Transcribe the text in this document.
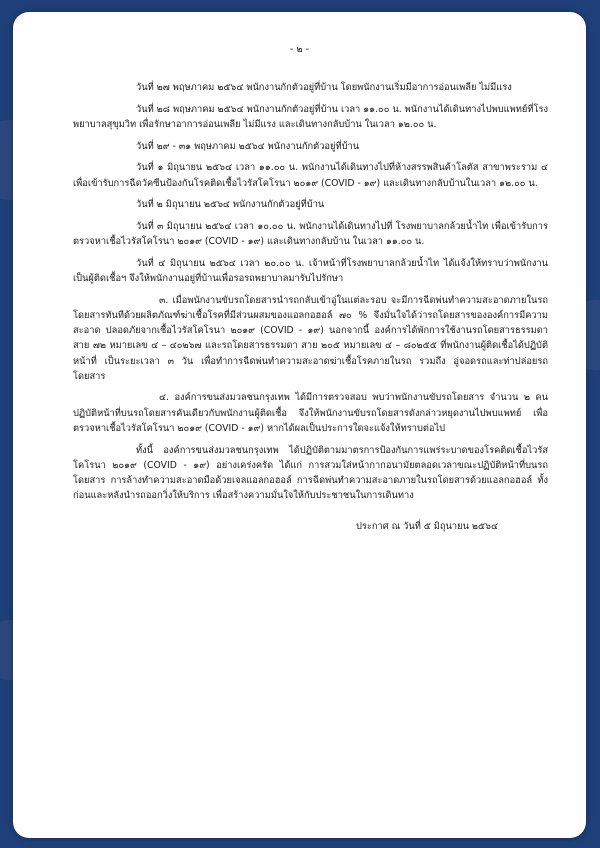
- ๒ -

วันที่ ๒๗ พฤษภาคม ๒๕๖๔ พนักงานกักตัวอยู่ที่บ้าน โดยพนักงานเริ่มมีอาการอ่อนเพลีย ไม่มีแรง

วันที่ ๒๘ พฤษภาคม ๒๕๖๔ พนักงานกักตัวอยู่ที่บ้าน เวลา ๑๑.๐๐ น. พนักงานได้เดินทางไปพบแพทย์ที่โรงพยาบาลสุขุมวิท เพื่อรักษาอาการอ่อนเพลีย ไม่มีแรง และเดินทางกลับบ้าน ในเวลา ๑๒.๐๐ น.

วันที่ ๒๙ - ๓๑ พฤษภาคม ๒๕๖๔ พนักงานกักตัวอยู่ที่บ้าน

วันที่ ๑ มิถุนายน ๒๕๖๔ เวลา ๑๑.๐๐ น. พนักงานได้เดินทางไปที่ห้างสรรพสินค้าโลตัส สาขาพระราม ๔ เพื่อเข้ารับการฉีดวัคซีนป้องกันโรคติดเชื้อไวรัสโคโรนา ๒๐๑๙ (COVID - ๑๙) และเดินทางกลับบ้านในเวลา ๑๒.๐๐ น.

วันที่ ๒ มิถุนายน ๒๕๖๔ พนักงานกักตัวอยู่ที่บ้าน

วันที่ ๓ มิถุนายน ๒๕๖๔ เวลา ๑๐.๐๐ น. พนักงานได้เดินทางไปที่ โรงพยาบาลกล้วยน้ำไท เพื่อเข้ารับการตรวจหาเชื้อไวรัสโคโรนา ๒๐๑๙ (COVID - ๑๙) และเดินทางกลับบ้าน ในเวลา ๑๑.๐๐ น.

วันที่ ๔ มิถุนายน ๒๕๖๔ เวลา ๒๐.๐๐ น. เจ้าหน้าที่โรงพยาบาลกล้วยน้ำไท ได้แจ้งให้ทราบว่าพนักงานเป็นผู้ติดเชื้อฯ จึงให้พนักงานอยู่ที่บ้านเพื่อรอรถพยาบาลมารับไปรักษา

๓. เมื่อพนักงานขับรถโดยสารนำรถกลับเข้าอู่ในแต่ละรอบ จะมีการฉีดพ่นทำความสะอาดภายในรถโดยสารทันทีด้วยผลิตภัณฑ์ฆ่าเชื้อโรคที่มีส่วนผสมของแอลกอฮอล์ ๗๐ % จึงมั่นใจได้ว่ารถโดยสารขององค์การมีความสะอาด ปลอดภัยจากเชื้อไวรัสโคโรนา ๒๐๑๙ (COVID - ๑๙) นอกจากนี้ องค์การได้พักการใช้งานรถโดยสารธรรมดา สาย ๗๒ หมายเลข ๔ – ๔๐๒๖๗ และรถโดยสารธรรมดา สาย ๒๐๕ หมายเลข ๔ – ๘๐๒๕๕ ที่พนักงานผู้ติดเชื้อได้ปฏิบัติหน้าที่ เป็นระยะเวลา ๓ วัน เพื่อทำการฉีดพ่นทำความสะอาดฆ่าเชื้อโรคภายในรถ รวมถึง อู่จอดรถและท่าปล่อยรถโดยสาร

๔. องค์การขนส่งมวลชนกรุงเทพ ได้มีการตรวจสอบ พบว่าพนักงานขับรถโดยสาร จำนวน ๒ คน ปฏิบัติหน้าที่บนรถโดยสารคันเดียวกับพนักงานผู้ติดเชื้อ จึงให้พนักงานขับรถโดยสารดังกล่าวหยุดงานไปพบแพทย์ เพื่อตรวจหาเชื้อไวรัสโคโรนา ๒๐๑๙ (COVID - ๑๙) หากได้ผลเป็นประการใดจะแจ้งให้ทราบต่อไป

ทั้งนี้ องค์การขนส่งมวลชนกรุงเทพ ได้ปฏิบัติตามมาตรการป้องกันการแพร่ระบาดของโรคติดเชื้อไวรัสโคโรนา ๒๐๑๙ (COVID - ๑๙) อย่างเคร่งครัด ได้แก่ การสวมใส่หน้ากากอนามัยตลอดเวลาขณะปฏิบัติหน้าที่บนรถโดยสาร การล้างทำความสะอาดมือด้วยเจลแอลกอฮอล์ การฉีดพ่นทำความสะอาดภายในรถโดยสารด้วยแอลกอฮอล์ ทั้งก่อนและหลังนำรถออกวิ่งให้บริการ เพื่อสร้างความมั่นใจให้กับประชาชนในการเดินทาง

ประกาศ ณ วันที่ ๕ มิถุนายน ๒๕๖๔
